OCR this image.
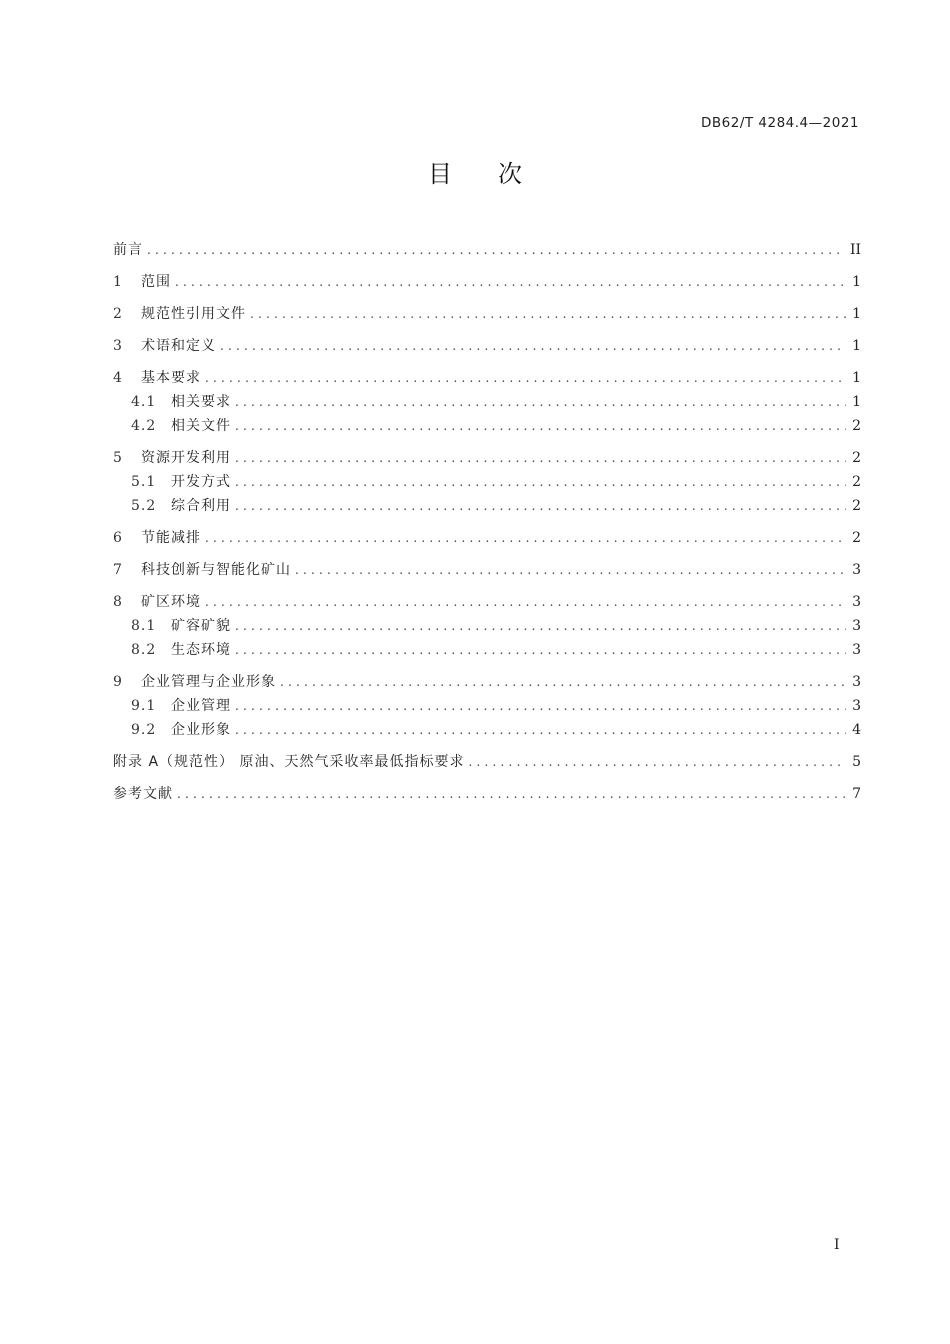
DB62/T 4284.4—2021
目次
前言 .....	II
1	范围 .....	1
2	规范性引用文件 .....	1
3	术语和定义 .....	1
4	基本要求 .....	1
4.1	相关要求 .....	1
4.2	相关文件 .....	2
5	资源开发利用 .....	2
5.1	开发方式 .....	2
5.2	综合利用 .....	2
6	节能减排 .....	2
7	科技创新与智能化矿山 .....	3
8	矿区环境 .....	3
8.1	矿容矿貌 .....	3
8.2	生态环境 .....	3
9	企业管理与企业形象 .....	3
9.1	企业管理 .....	3
9.2	企业形象 .....	4
附录 A（规范性） 原油、天然气采收率最低指标要求 .....	5
参考文献 .....	7
I
